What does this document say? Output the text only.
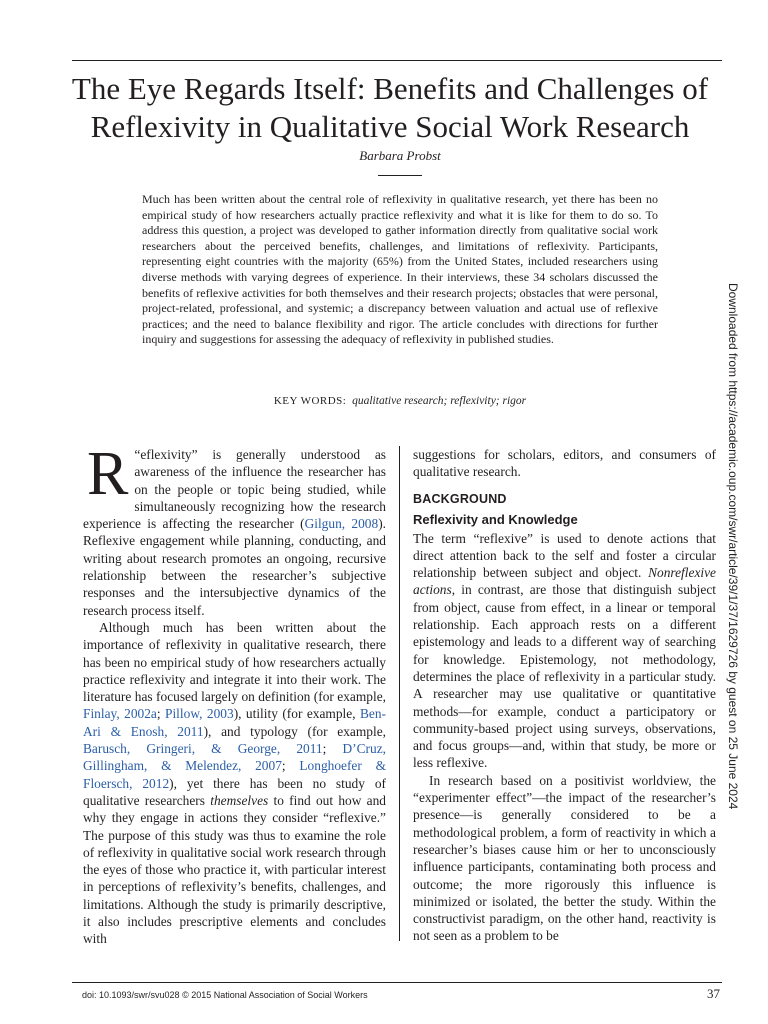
The Eye Regards Itself: Benefits and Challenges of
Reflexivity in Qualitative Social Work Research
Barbara Probst

Much has been written about the central role of reflexivity in qualitative research, yet there has been no empirical study of how researchers actually practice reflexivity and what it is like for them to do so. To address this question, a project was developed to gather information directly from qualitative social work researchers about the perceived benefits, challenges, and limitations of reflexivity. Participants, representing eight countries with the majority (65%) from the United States, included researchers using diverse methods with varying degrees of experience. In their interviews, these 34 scholars discussed the benefits of reflexive activities for both themselves and their research projects; obstacles that were personal, project-related, professional, and systemic; a discrepancy between valuation and actual use of reflexive practices; and the need to balance flexibility and rigor. The article concludes with directions for further inquiry and suggestions for assessing the adequacy of reflexivity in published studies.

KEY WORDS: qualitative research; reflexivity; rigor

“
R eflexivity” is generally understood as awareness of the influence the researcher has on the people or topic being studied, while simultaneously recognizing how the research experience is affecting the researcher (Gilgun, 2008). Reflexive engagement while planning, conducting, and writing about research promotes an ongoing, recursive relationship between the researcher’s subjective responses and the intersubjective dynamics of the research process itself.

Although much has been written about the importance of reflexivity in qualitative research, there has been no empirical study of how researchers actually practice reflexivity and integrate it into their work. The literature has focused largely on definition (for example, Finlay, 2002a; Pillow, 2003), utility (for example, Ben-Ari & Enosh, 2011), and typology (for example, Barusch, Gringeri, & George, 2011; D’Cruz, Gillingham, & Melendez, 2007; Longhoefer & Floersch, 2012), yet there has been no study of qualitative researchers themselves to find out how and why they engage in actions they consider “reflexive.” The purpose of this study was thus to examine the role of reflexivity in qualitative social work research through the eyes of those who practice it, with particular interest in perceptions of reflexivity’s benefits, challenges, and limitations. Although the study is primarily descriptive, it also includes prescriptive elements and concludes with

suggestions for scholars, editors, and consumers of qualitative research.

BACKGROUND
Reflexivity and Knowledge

The term “reflexive” is used to denote actions that direct attention back to the self and foster a circular relationship between subject and object. Nonreflexive actions, in contrast, are those that distinguish subject from object, cause from effect, in a linear or temporal relationship. Each approach rests on a different epistemology and leads to a different way of searching for knowledge. Epistemology, not methodology, determines the place of reflexivity in a particular study. A researcher may use qualitative or quantitative methods—for example, conduct a participatory or community-based project using surveys, observations, and focus groups—and, within that study, be more or less reflexive.

In research based on a positivist worldview, the “experimenter effect”—the impact of the researcher’s presence—is generally considered to be a methodological problem, a form of reactivity in which a researcher’s biases cause him or her to unconsciously influence participants, contaminating both process and outcome; the more rigorously this influence is minimized or isolated, the better the study. Within the constructivist paradigm, on the other hand, reactivity is not seen as a problem to be

doi: 10.1093/swr/svu028 © 2015 National Association of Social Workers	37
Downloaded from https://academic.oup.com/swr/article/39/1/37/1629726 by guest on 25 June 2024
